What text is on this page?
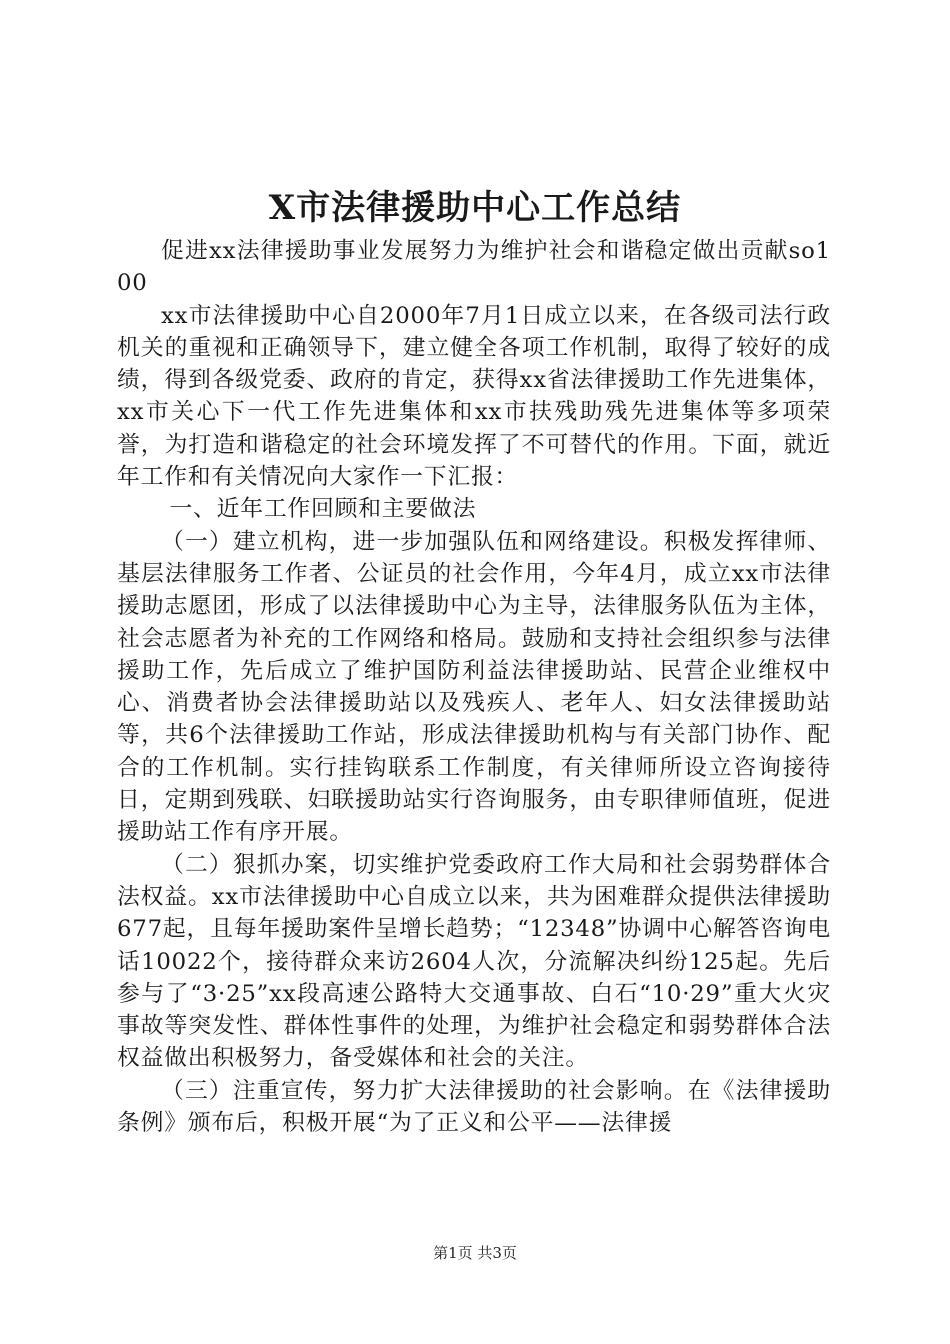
X市法律援助中心工作总结

促进xx法律援助事业发展努力为维护社会和谐稳定做出贡献so100

xx市法律援助中心自2000年7月1日成立以来，在各级司法行政机关的重视和正确领导下，建立健全各项工作机制，取得了较好的成绩，得到各级党委、政府的肯定，获得xx省法律援助工作先进集体，xx市关心下一代工作先进集体和xx市扶残助残先进集体等多项荣誉，为打造和谐稳定的社会环境发挥了不可替代的作用。下面，就近年工作和有关情况向大家作一下汇报：

一、近年工作回顾和主要做法

（一）建立机构，进一步加强队伍和网络建设。积极发挥律师、基层法律服务工作者、公证员的社会作用，今年4月，成立xx市法律援助志愿团，形成了以法律援助中心为主导，法律服务队伍为主体，社会志愿者为补充的工作网络和格局。鼓励和支持社会组织参与法律援助工作，先后成立了维护国防利益法律援助站、民营企业维权中心、消费者协会法律援助站以及残疾人、老年人、妇女法律援助站等，共6个法律援助工作站，形成法律援助机构与有关部门协作、配合的工作机制。实行挂钩联系工作制度，有关律师所设立咨询接待日，定期到残联、妇联援助站实行咨询服务，由专职律师值班，促进援助站工作有序开展。

（二）狠抓办案，切实维护党委政府工作大局和社会弱势群体合法权益。xx市法律援助中心自成立以来，共为困难群众提供法律援助677起，且每年援助案件呈增长趋势；“12348”协调中心解答咨询电话10022个，接待群众来访2604人次，分流解决纠纷125起。先后参与了“3·25”xx段高速公路特大交通事故、白石“10·29”重大火灾事故等突发性、群体性事件的处理，为维护社会稳定和弱势群体合法权益做出积极努力，备受媒体和社会的关注。

（三）注重宣传，努力扩大法律援助的社会影响。在《法律援助条例》颁布后，积极开展“为了正义和公平——法律援

第1页 共3页
